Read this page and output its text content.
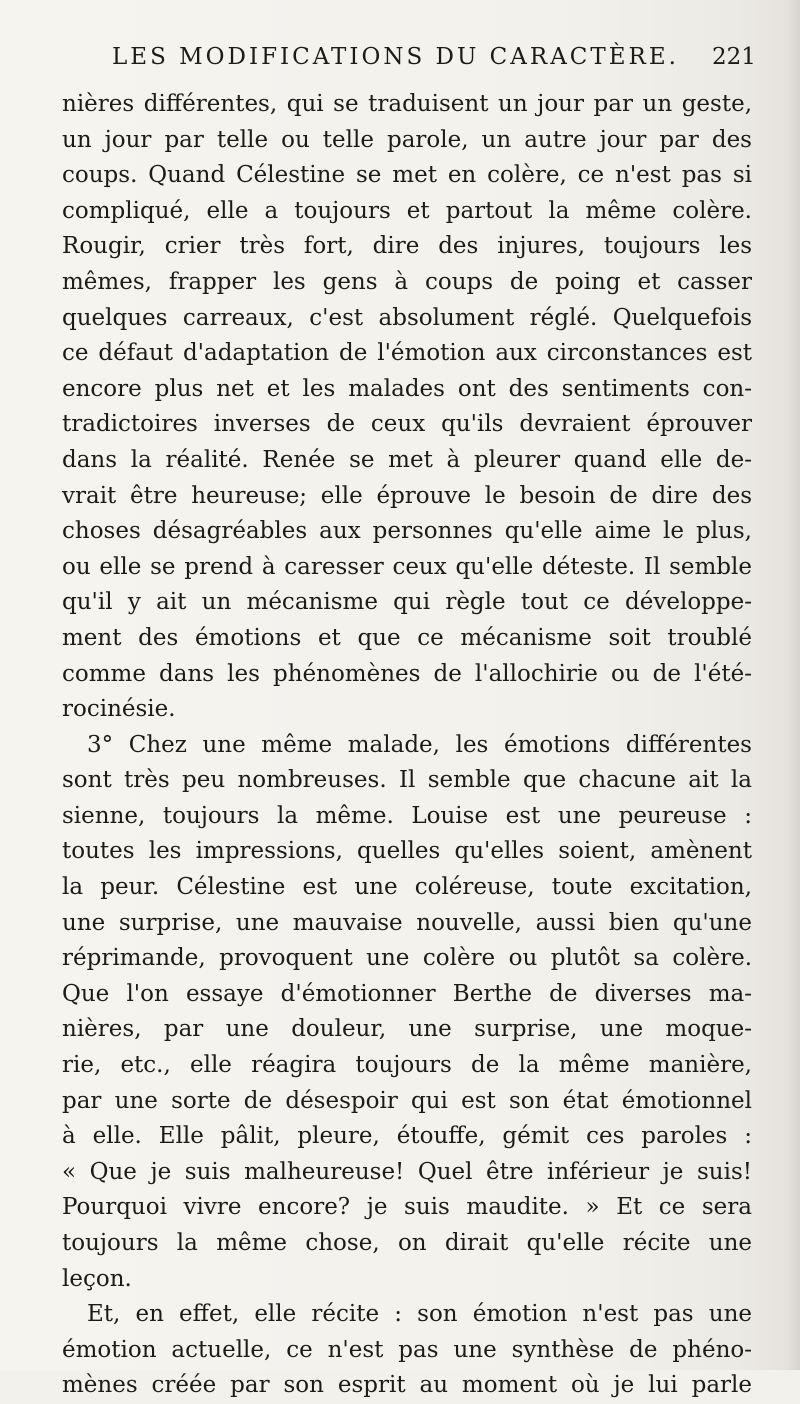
LES MODIFICATIONS DU CARACTÈRE. 221
nières différentes, qui se traduisent un jour par un geste,
un jour par telle ou telle parole, un autre jour par des
coups. Quand Célestine se met en colère, ce n'est pas si
compliqué, elle a toujours et partout la même colère.
Rougir, crier très fort, dire des injures, toujours les
mêmes, frapper les gens à coups de poing et casser
quelques carreaux, c'est absolument réglé. Quelquefois
ce défaut d'adaptation de l'émotion aux circonstances est
encore plus net et les malades ont des sentiments con-
tradictoires inverses de ceux qu'ils devraient éprouver
dans la réalité. Renée se met à pleurer quand elle de-
vrait être heureuse; elle éprouve le besoin de dire des
choses désagréables aux personnes qu'elle aime le plus,
ou elle se prend à caresser ceux qu'elle déteste. Il semble
qu'il y ait un mécanisme qui règle tout ce développe-
ment des émotions et que ce mécanisme soit troublé
comme dans les phénomènes de l'allochirie ou de l'été-
rocinésie.
3° Chez une même malade, les émotions différentes
sont très peu nombreuses. Il semble que chacune ait la
sienne, toujours la même. Louise est une peureuse :
toutes les impressions, quelles qu'elles soient, amènent
la peur. Célestine est une coléreuse, toute excitation,
une surprise, une mauvaise nouvelle, aussi bien qu'une
réprimande, provoquent une colère ou plutôt sa colère.
Que l'on essaye d'émotionner Berthe de diverses ma-
nières, par une douleur, une surprise, une moque-
rie, etc., elle réagira toujours de la même manière,
par une sorte de désespoir qui est son état émotionnel
à elle. Elle pâlit, pleure, étouffe, gémit ces paroles :
« Que je suis malheureuse! Quel être inférieur je suis!
Pourquoi vivre encore? je suis maudite. » Et ce sera
toujours la même chose, on dirait qu'elle récite une
leçon.
Et, en effet, elle récite : son émotion n'est pas une
émotion actuelle, ce n'est pas une synthèse de phéno-
mènes créée par son esprit au moment où je lui parle
